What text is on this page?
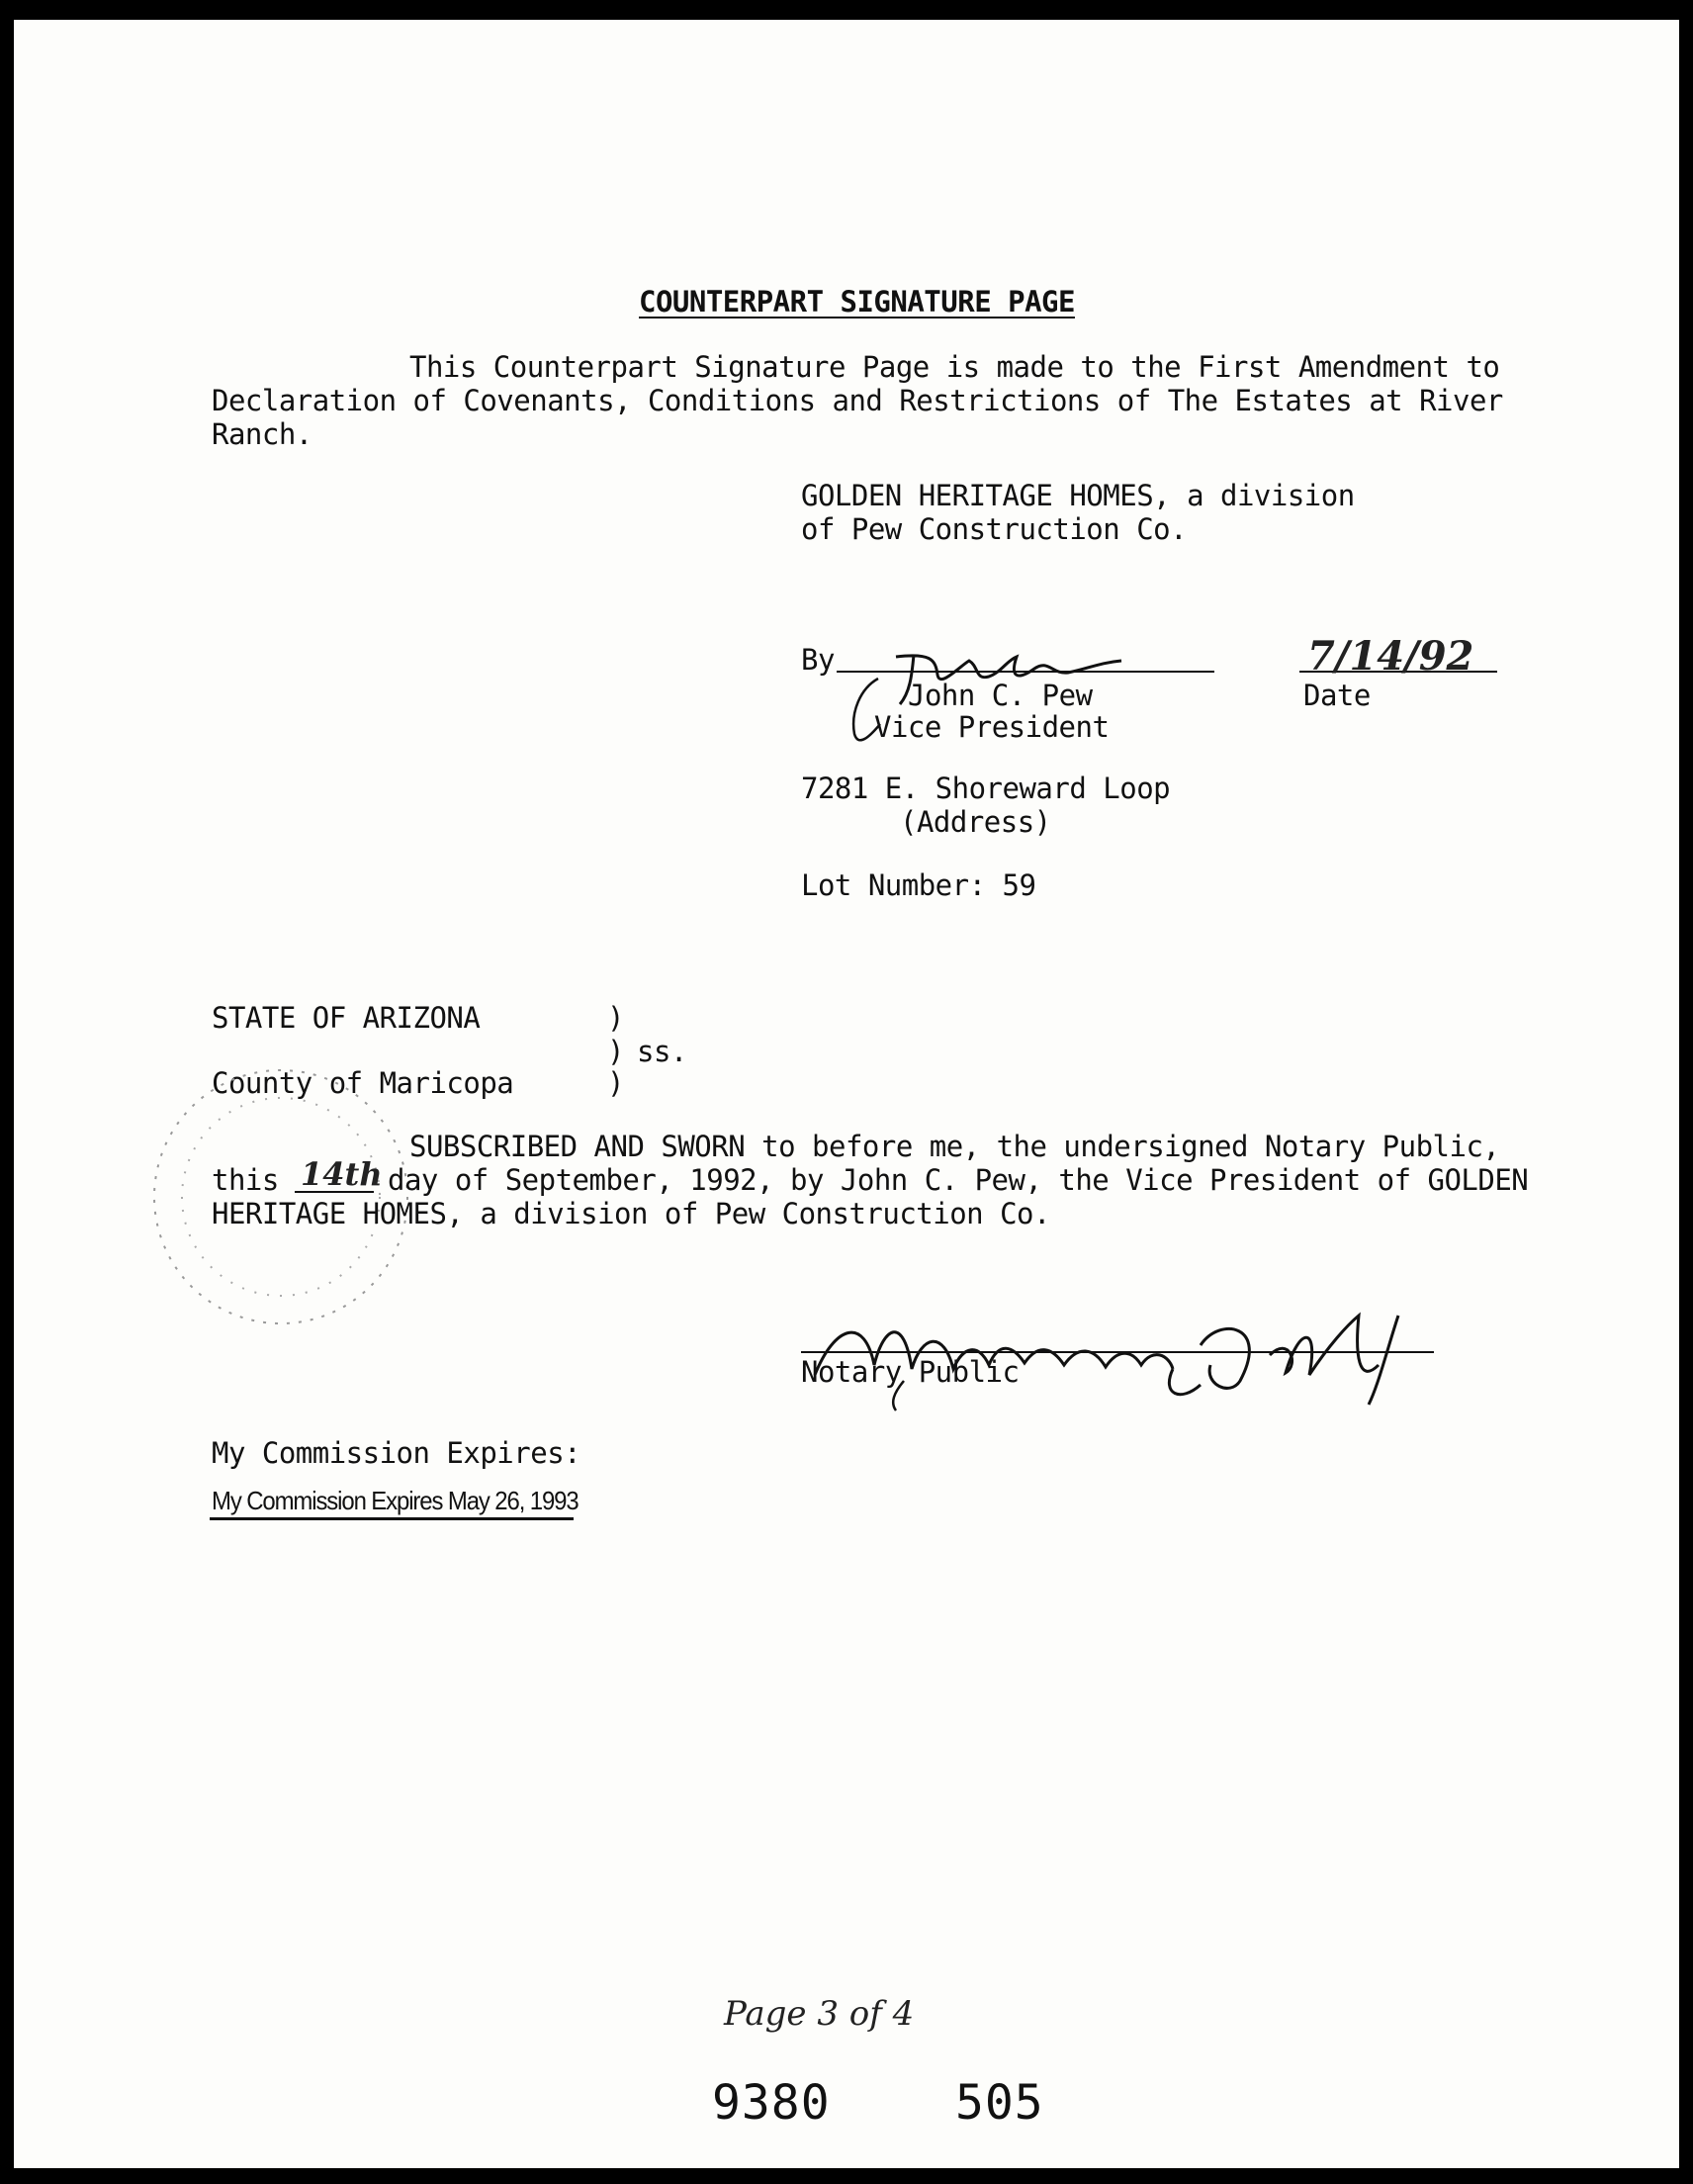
COUNTERPART SIGNATURE PAGE
This Counterpart Signature Page is made to the First Amendment to
Declaration of Covenants, Conditions and Restrictions of The Estates at River
Ranch.
GOLDEN HERITAGE HOMES, a division
of Pew Construction Co.
By
John C. Pew
Vice President
7/14/92
Date
7281 E. Shoreward Loop
(Address)
Lot Number: 59
STATE OF ARIZONA
County of Maricopa
)
)
)
ss.
SUBSCRIBED AND SWORN to before me, the undersigned Notary Public,
this 14th day of September, 1992, by John C. Pew, the Vice President of GOLDEN
HERITAGE HOMES, a division of Pew Construction Co.
Notary Public
My Commission Expires:
My Commission Expires May 26, 1993
Page 3 of 4
9380	505
